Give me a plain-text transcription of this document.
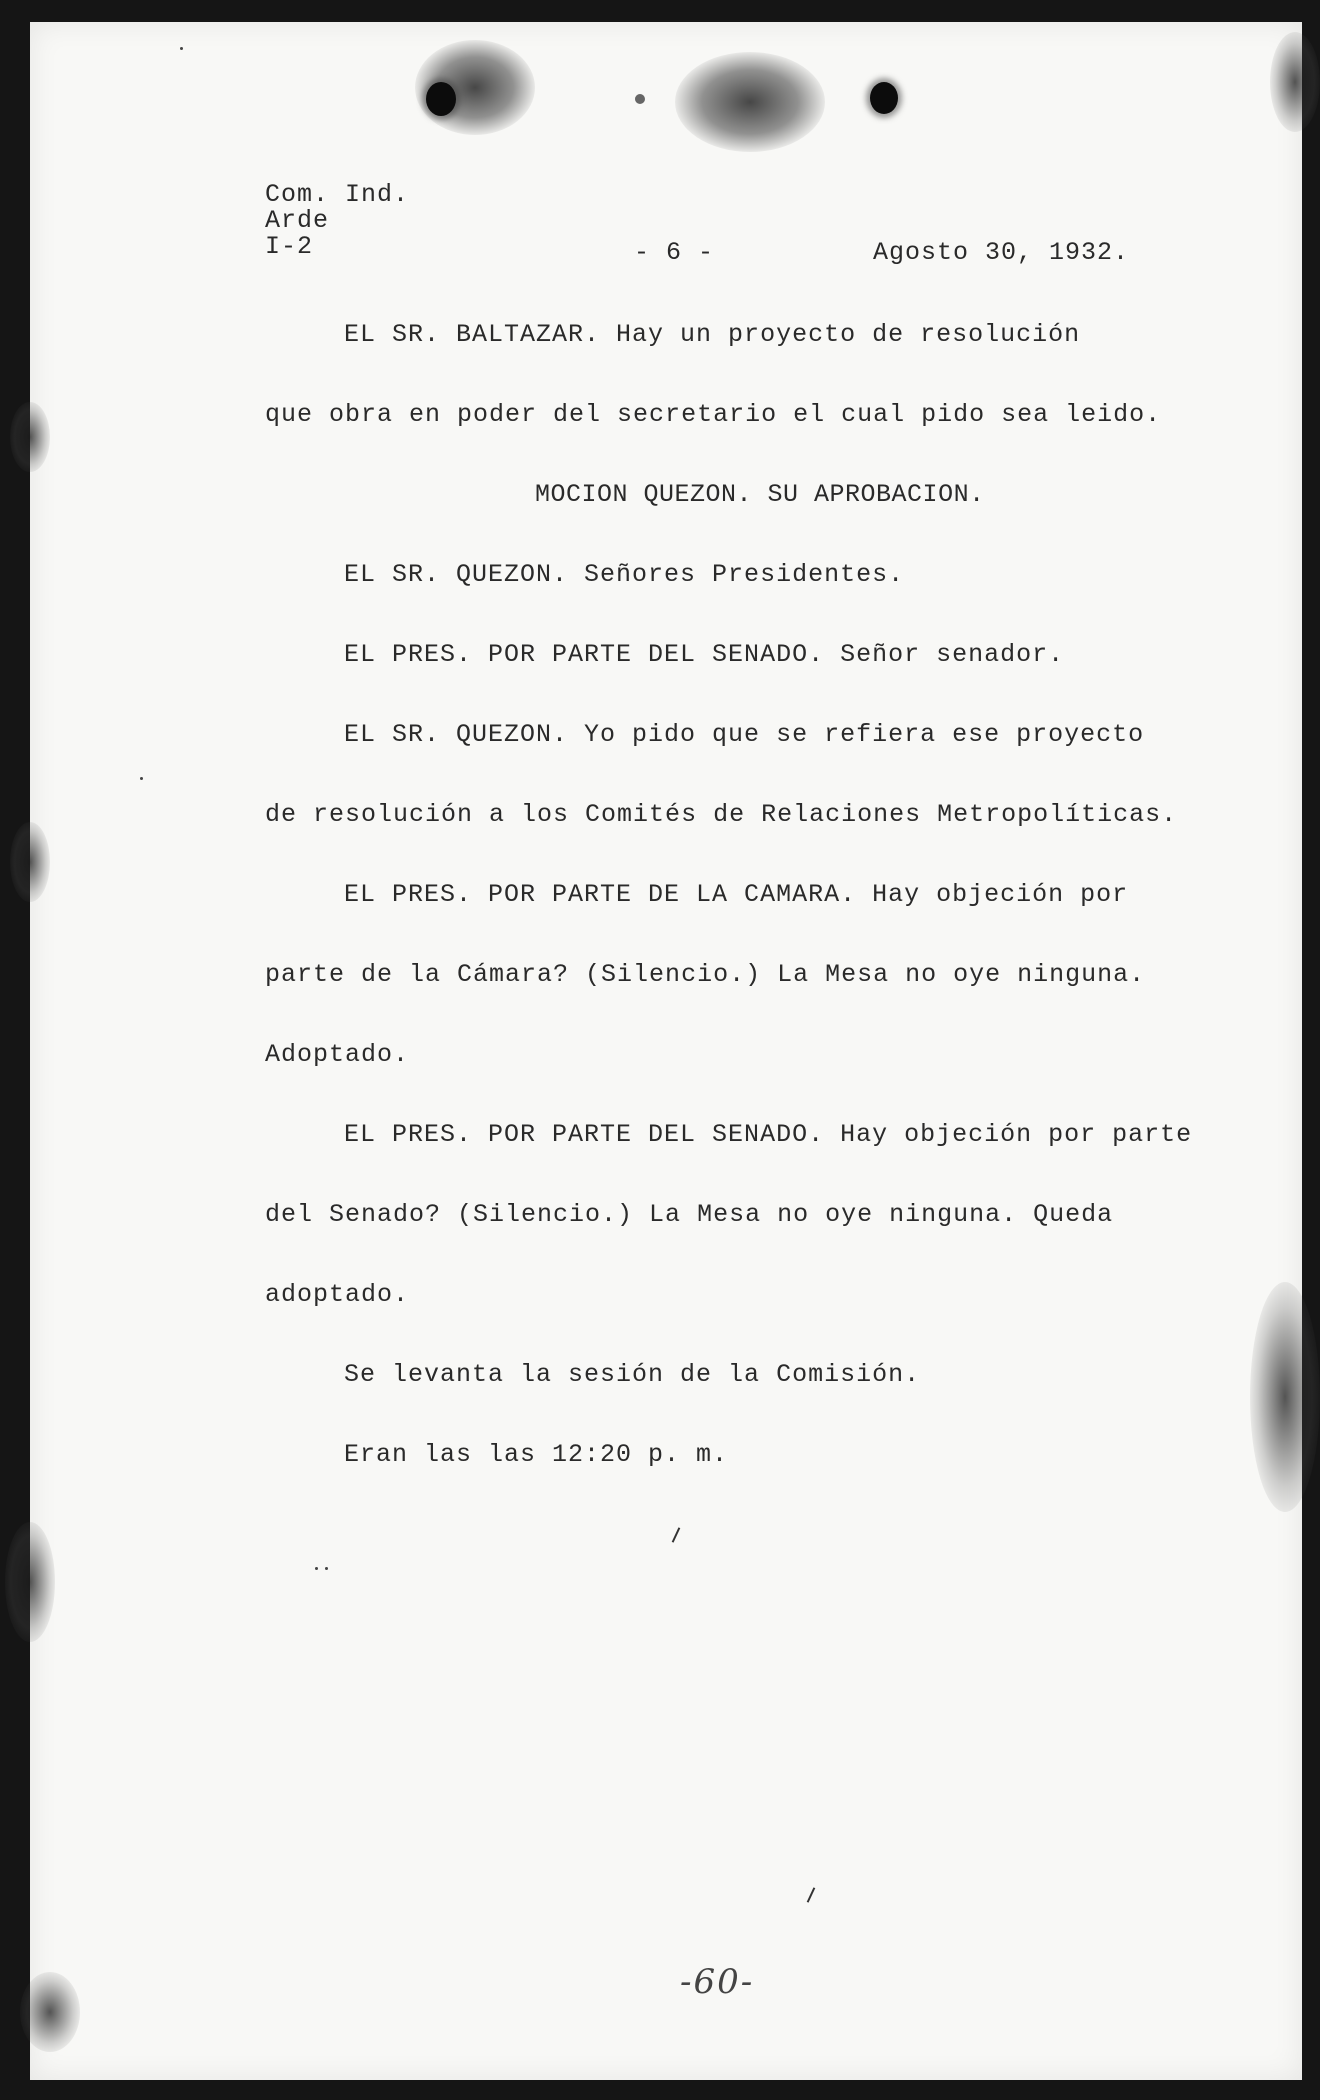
Com. Ind.
Arde
I-2	- 6 -	Agosto 30, 1932.
EL SR. BALTAZAR. Hay un proyecto de resolución
que obra en poder del secretario el cual pido sea leido.
MOCION QUEZON. SU APROBACION.
EL SR. QUEZON. Señores Presidentes.
EL PRES. POR PARTE DEL SENADO. Señor senador.
EL SR. QUEZON. Yo pido que se refiera ese proyecto
de resolución a los Comités de Relaciones Metropolíticas.
EL PRES. POR PARTE DE LA CAMARA. Hay objeción por
parte de la Cámara? (Silencio.) La Mesa no oye ninguna.
Adoptado.
EL PRES. POR PARTE DEL SENADO. Hay objeción por parte
del Senado? (Silencio.) La Mesa no oye ninguna. Queda
adoptado.
Se levanta la sesión de la Comisión.
Eran las las 12:20 p. m.
-60-
